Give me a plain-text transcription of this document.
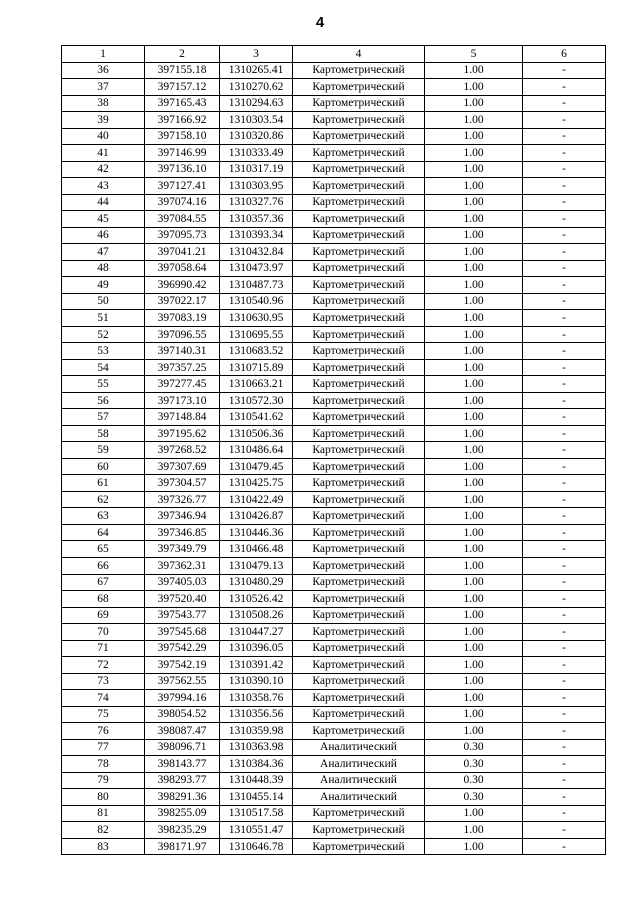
4
1	2	3	4	5	6
36	397155.18	1310265.41	Картометрический	1.00	-
37	397157.12	1310270.62	Картометрический	1.00	-
38	397165.43	1310294.63	Картометрический	1.00	-
39	397166.92	1310303.54	Картометрический	1.00	-
40	397158.10	1310320.86	Картометрический	1.00	-
41	397146.99	1310333.49	Картометрический	1.00	-
42	397136.10	1310317.19	Картометрический	1.00	-
43	397127.41	1310303.95	Картометрический	1.00	-
44	397074.16	1310327.76	Картометрический	1.00	-
45	397084.55	1310357.36	Картометрический	1.00	-
46	397095.73	1310393.34	Картометрический	1.00	-
47	397041.21	1310432.84	Картометрический	1.00	-
48	397058.64	1310473.97	Картометрический	1.00	-
49	396990.42	1310487.73	Картометрический	1.00	-
50	397022.17	1310540.96	Картометрический	1.00	-
51	397083.19	1310630.95	Картометрический	1.00	-
52	397096.55	1310695.55	Картометрический	1.00	-
53	397140.31	1310683.52	Картометрический	1.00	-
54	397357.25	1310715.89	Картометрический	1.00	-
55	397277.45	1310663.21	Картометрический	1.00	-
56	397173.10	1310572.30	Картометрический	1.00	-
57	397148.84	1310541.62	Картометрический	1.00	-
58	397195.62	1310506.36	Картометрический	1.00	-
59	397268.52	1310486.64	Картометрический	1.00	-
60	397307.69	1310479.45	Картометрический	1.00	-
61	397304.57	1310425.75	Картометрический	1.00	-
62	397326.77	1310422.49	Картометрический	1.00	-
63	397346.94	1310426.87	Картометрический	1.00	-
64	397346.85	1310446.36	Картометрический	1.00	-
65	397349.79	1310466.48	Картометрический	1.00	-
66	397362.31	1310479.13	Картометрический	1.00	-
67	397405.03	1310480.29	Картометрический	1.00	-
68	397520.40	1310526.42	Картометрический	1.00	-
69	397543.77	1310508.26	Картометрический	1.00	-
70	397545.68	1310447.27	Картометрический	1.00	-
71	397542.29	1310396.05	Картометрический	1.00	-
72	397542.19	1310391.42	Картометрический	1.00	-
73	397562.55	1310390.10	Картометрический	1.00	-
74	397994.16	1310358.76	Картометрический	1.00	-
75	398054.52	1310356.56	Картометрический	1.00	-
76	398087.47	1310359.98	Картометрический	1.00	-
77	398096.71	1310363.98	Аналитический	0.30	-
78	398143.77	1310384.36	Аналитический	0.30	-
79	398293.77	1310448.39	Аналитический	0.30	-
80	398291.36	1310455.14	Аналитический	0.30	-
81	398255.09	1310517.58	Картометрический	1.00	-
82	398235.29	1310551.47	Картометрический	1.00	-
83	398171.97	1310646.78	Картометрический	1.00	-
